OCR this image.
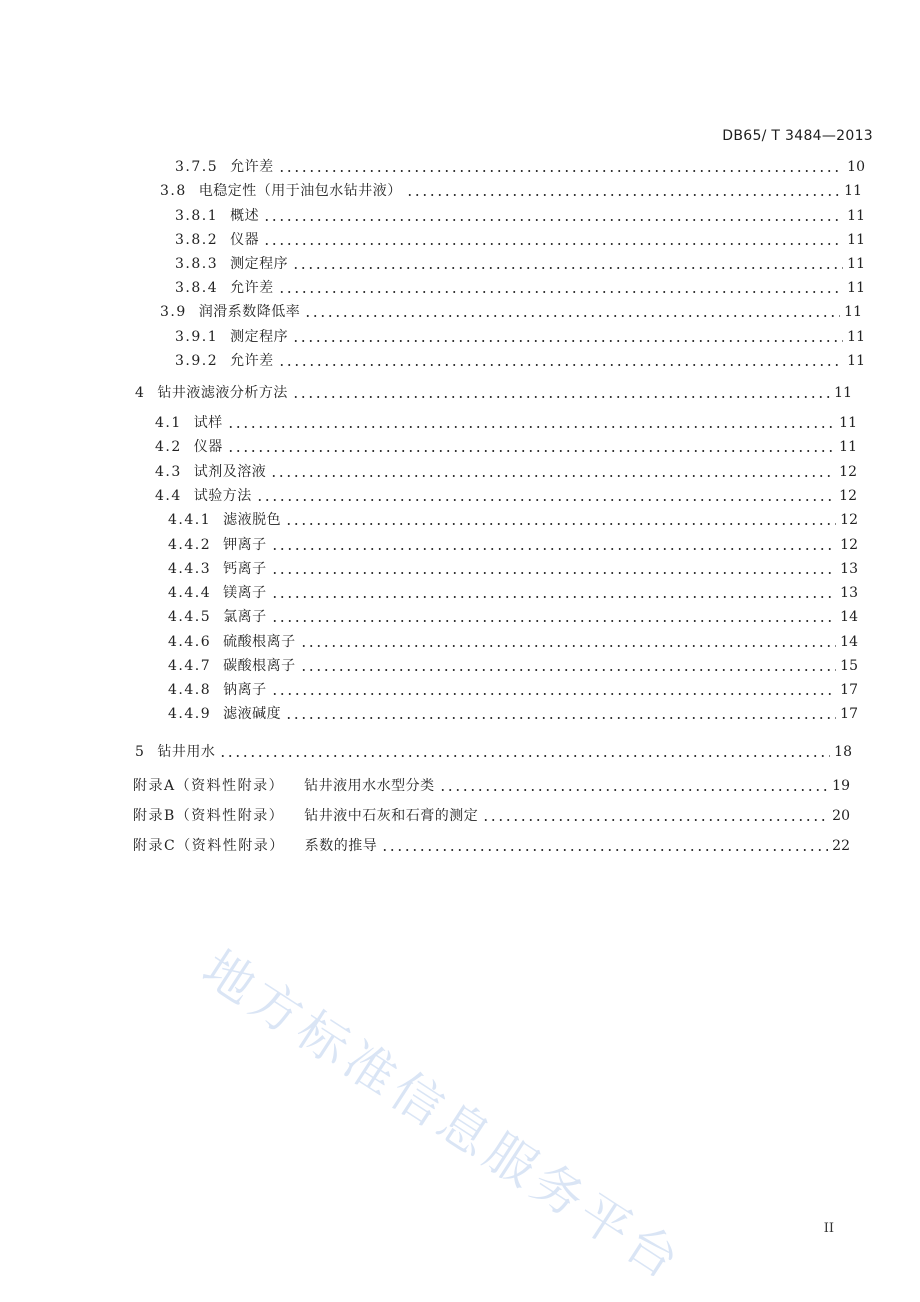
DB65/ T 3484—2013
3.7.5 允许差	10
3.8 电稳定性（用于油包水钻井液）	11
3.8.1 概述	11
3.8.2 仪器	11
3.8.3 测定程序	11
3.8.4 允许差	11
3.9 润滑系数降低率	11
3.9.1 测定程序	11
3.9.2 允许差	11
4 钻井液滤液分析方法	11
4.1 试样	11
4.2 仪器	11
4.3 试剂及溶液	12
4.4 试验方法	12
4.4.1 滤液脱色	12
4.4.2 钾离子	12
4.4.3 钙离子	13
4.4.4 镁离子	13
4.4.5 氯离子	14
4.4.6 硫酸根离子	14
4.4.7 碳酸根离子	15
4.4.8 钠离子	17
4.4.9 滤液碱度	17
5 钻井用水	18
附录A（资料性附录） 钻井液用水水型分类	19
附录B（资料性附录） 钻井液中石灰和石膏的测定	20
附录C（资料性附录） 系数的推导	22
地方标准信息服务平台	II
